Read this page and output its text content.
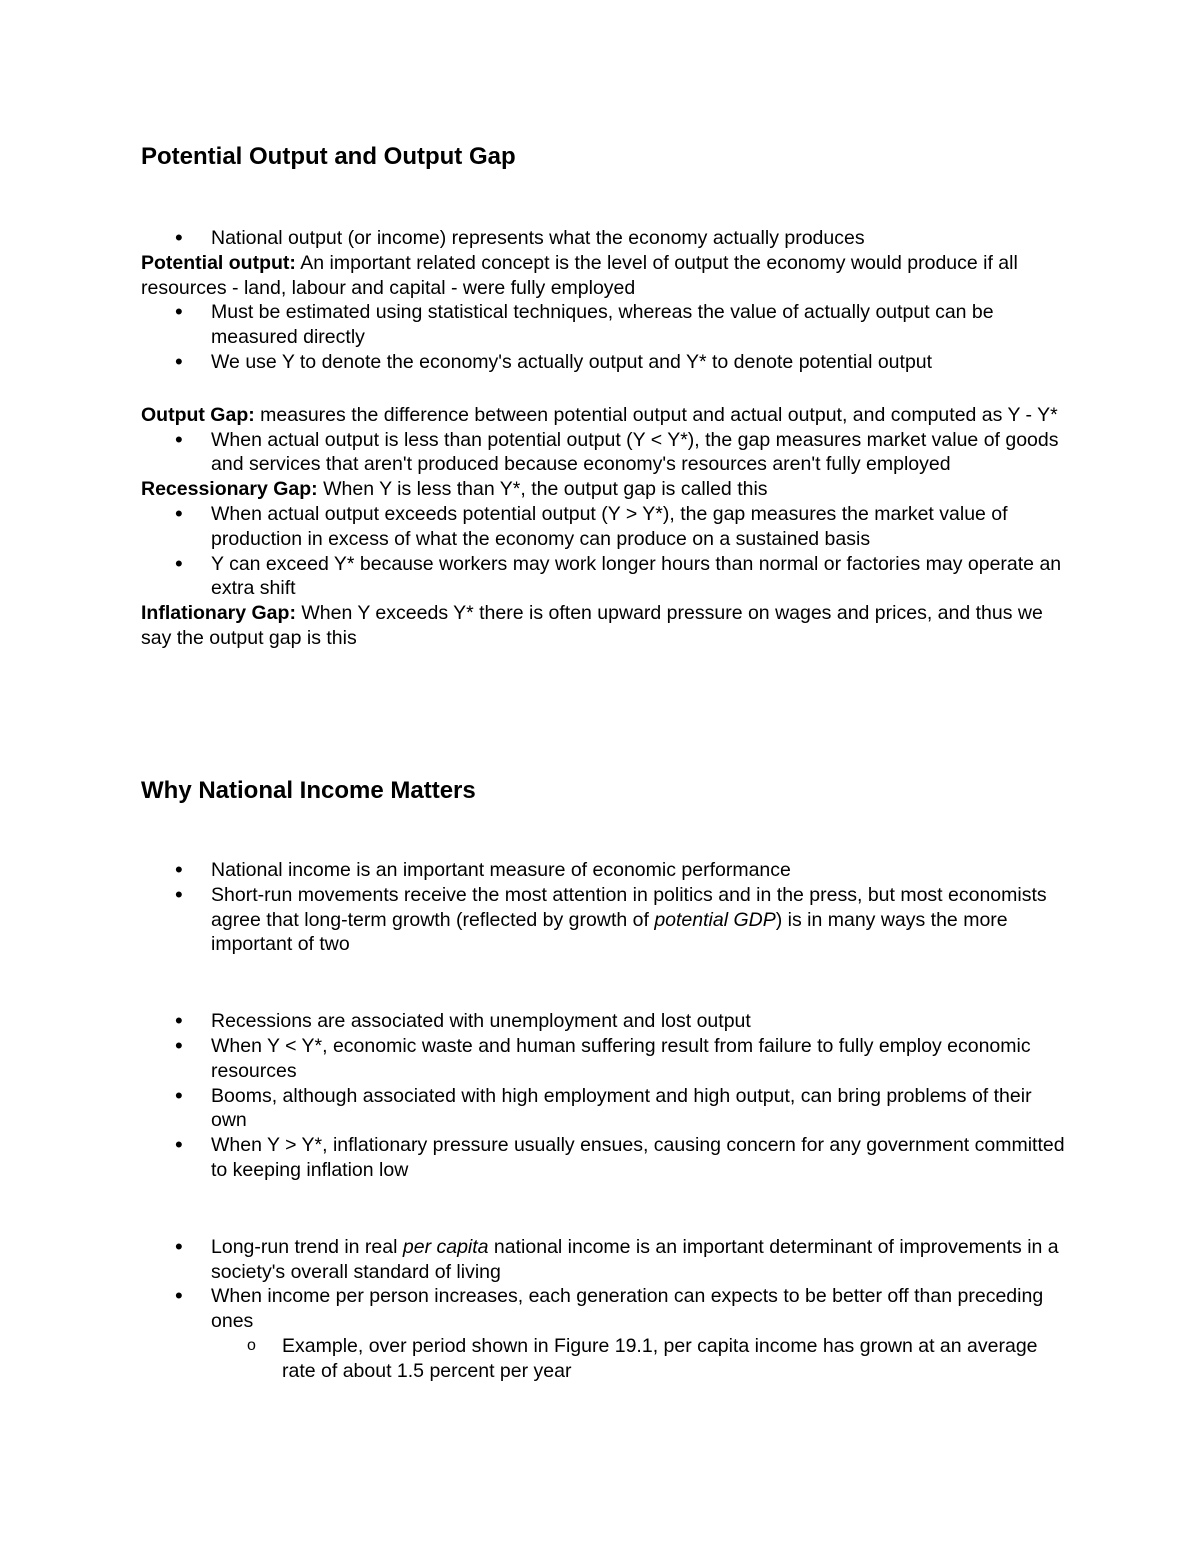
Potential Output and Output Gap
• National output (or income) represents what the economy actually produces

Potential output: An important related concept is the level of output the economy would produce if all resources - land, labour and capital - were fully employed

• Must be estimated using statistical techniques, whereas the value of actually output can be measured directly
• We use Y to denote the economy's actually output and Y* to denote potential output

Output Gap: measures the difference between potential output and actual output, and computed as Y - Y*

• When actual output is less than potential output (Y < Y*), the gap measures market value of goods and services that aren't produced because economy's resources aren't fully employed

Recessionary Gap: When Y is less than Y*, the output gap is called this

• When actual output exceeds potential output (Y > Y*), the gap measures the market value of production in excess of what the economy can produce on a sustained basis
• Y can exceed Y* because workers may work longer hours than normal or factories may operate an extra shift

Inflationary Gap: When Y exceeds Y* there is often upward pressure on wages and prices, and thus we say the output gap is this

Why National Income Matters
• National income is an important measure of economic performance
• Short-run movements receive the most attention in politics and in the press, but most economists agree that long-term growth (reflected by growth of potential GDP) is in many ways the more important of two
• Recessions are associated with unemployment and lost output
• When Y < Y*, economic waste and human suffering result from failure to fully employ economic resources
• Booms, although associated with high employment and high output, can bring problems of their own
• When Y > Y*, inflationary pressure usually ensues, causing concern for any government committed to keeping inflation low
• Long-run trend in real per capita national income is an important determinant of improvements in a society's overall standard of living
• When income per person increases, each generation can expects to be better off than preceding ones
o Example, over period shown in Figure 19.1, per capita income has grown at an average rate of about 1.5 percent per year
